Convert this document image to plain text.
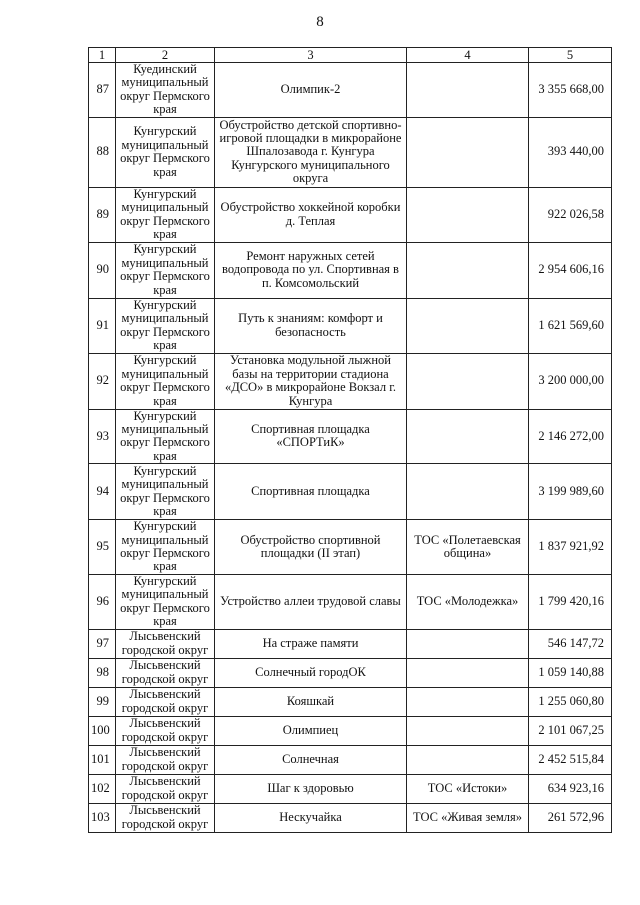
8
1	2	3	4	5
87	Куединский муниципальный округ Пермского края	Олимпик-2		3 355 668,00
88	Кунгурский муниципальный округ Пермского края	Обустройство детской спортивно-игровой площадки в микрорайоне Шпалозавода г. Кунгура Кунгурского муниципального округа		393 440,00
89	Кунгурский муниципальный округ Пермского края	Обустройство хоккейной коробки д. Теплая		922 026,58
90	Кунгурский муниципальный округ Пермского края	Ремонт наружных сетей водопровода по ул. Спортивная в п. Комсомольский		2 954 606,16
91	Кунгурский муниципальный округ Пермского края	Путь к знаниям: комфорт и безопасность		1 621 569,60
92	Кунгурский муниципальный округ Пермского края	Установка модульной лыжной базы на территории стадиона «ДСО» в микрорайоне Вокзал г. Кунгура		3 200 000,00
93	Кунгурский муниципальный округ Пермского края	Спортивная площадка «СПОРТиК»		2 146 272,00
94	Кунгурский муниципальный округ Пермского края	Спортивная площадка		3 199 989,60
95	Кунгурский муниципальный округ Пермского края	Обустройство спортивной площадки (II этап)	ТОС «Полетаевская община»	1 837 921,92
96	Кунгурский муниципальный округ Пермского края	Устройство аллеи трудовой славы	ТОС «Молодежка»	1 799 420,16
97	Лысьвенский городской округ	На страже памяти		546 147,72
98	Лысьвенский городской округ	Солнечный городОК		1 059 140,88
99	Лысьвенский городской округ	Кояшкай		1 255 060,80
100	Лысьвенский городской округ	Олимпиец		2 101 067,25
101	Лысьвенский городской округ	Солнечная		2 452 515,84
102	Лысьвенский городской округ	Шаг к здоровью	ТОС «Истоки»	634 923,16
103	Лысьвенский городской округ	Нескучайка	ТОС «Живая земля»	261 572,96
